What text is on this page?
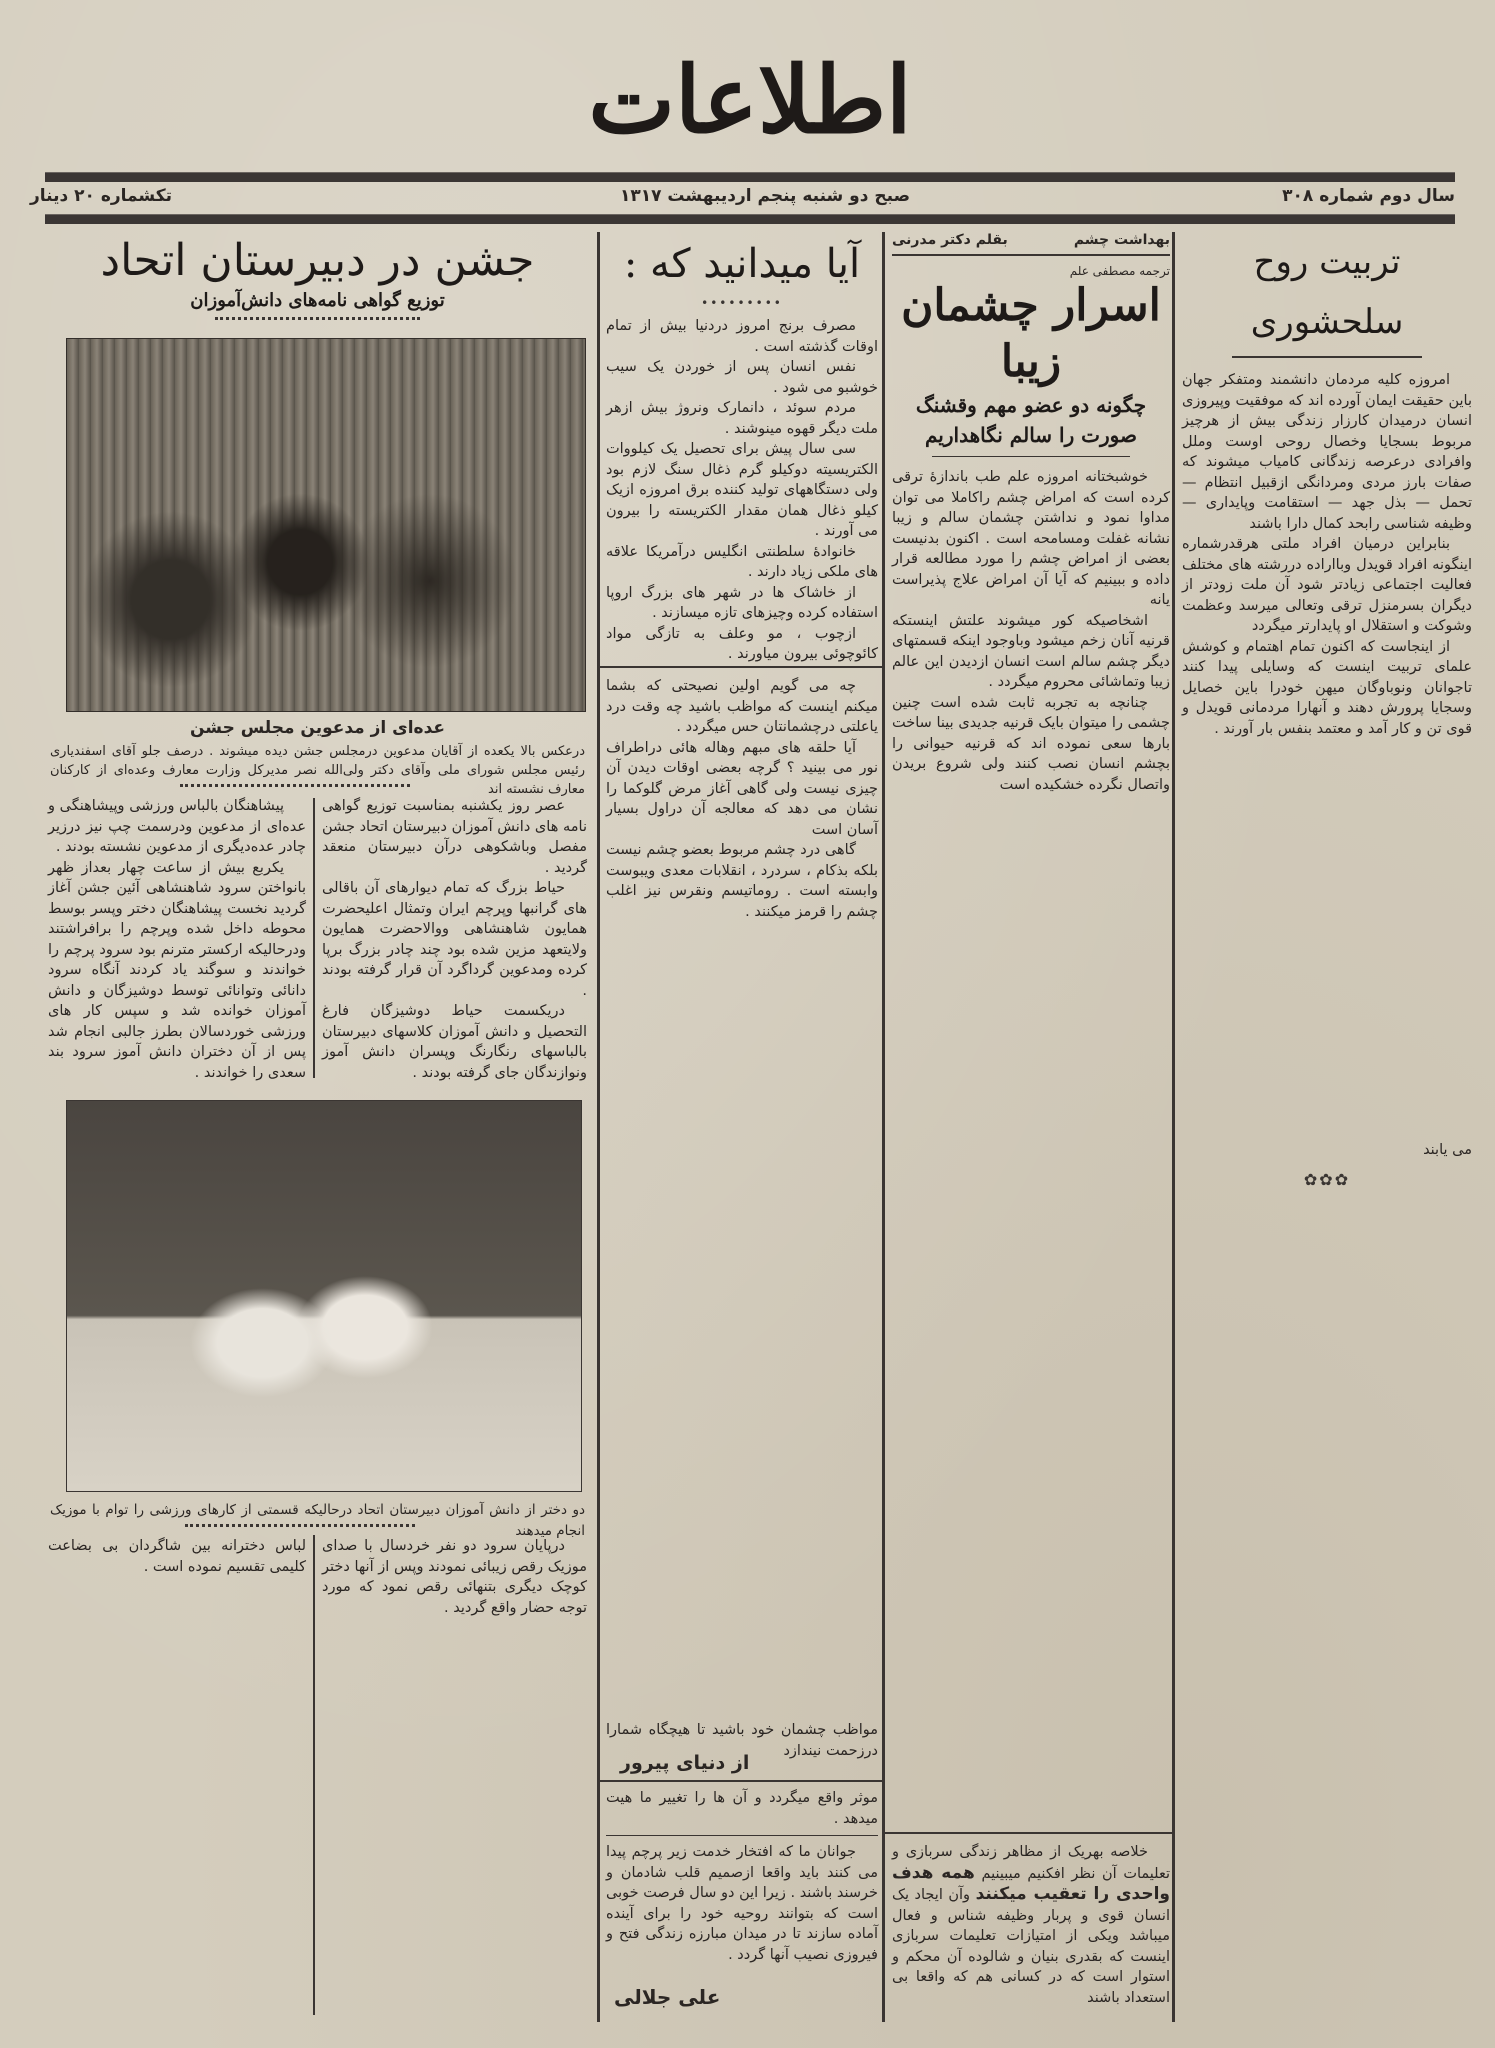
اطلاعات
سال دوم شماره ۳۰۸
صبح دو شنبه پنجم اردیبهشت ۱۳۱۷
تکشماره ۲۰ دینار
تربیت روح سلحشوری

امروزه کلیه مردمان دانشمند ومتفکر جهان باین حقیقت ایمان آورده اند که موفقیت وپیروزی انسان درمیدان کارزار زندگی بیش از هرچیز مربوط بسجایا وخصال روحی اوست وملل وافرادی درعرصه زندگانی کامیاب میشوند که صفات بارز مردی ومردانگی ازقبیل انتظام — تحمل — بذل جهد — استقامت وپایداری — وظیفه شناسی رابحد کمال دارا باشند

بنابراین درمیان افراد ملتی هرقدرشماره اینگونه افراد قویدل وبااراده دررشته های مختلف فعالیت اجتماعی زیادتر شود آن ملت زودتر از دیگران بسرمنزل ترقی وتعالی میرسد وعظمت وشوکت و استقلال او پایدارتر میگردد

از اینجاست که اکنون تمام اهتمام و کوشش علمای تربیت اینست که وسایلی پیدا کنند تاجوانان ونوباوگان میهن خودرا باین خصایل وسجایا پرورش دهند و آنهارا مردمانی قویدل و قوی تن و کار آمد و معتمد بنفس بار آورند .

می یابند
✿✿✿
بهداشت چشم
بقلم دکتر مدرنی
ترجمه مصطفی علم
اسرار چشمان زیبا
چگونه دو عضو مهم وقشنگ صورت را سالم نگاهداریم

خوشبختانه امروزه علم طب باندازهٔ ترقی کرده است که امراض چشم راکاملا می توان مداوا نمود و نداشتن چشمان سالم و زیبا نشانه غفلت ومسامحه است . اکنون بدنیست بعضی از امراض چشم را مورد مطالعه قرار داده و ببینیم که آیا آن امراض علاج پذیراست یانه

اشخاصیکه کور میشوند علتش اینستکه قرنیه آنان زخم میشود وباوجود اینکه قسمتهای دیگر چشم سالم است انسان ازدیدن این عالم زیبا وتماشائی محروم میگردد .

چنانچه به تجربه ثابت شده است چنین چشمی را میتوان بایک قرنیه جدیدی بینا ساخت بارها سعی نموده اند که قرنیه حیوانی را بچشم انسان نصب کنند ولی شروع بریدن واتصال نگرده خشکیده است

خلاصه بهریک از مظاهر زندگی سربازی و تعلیمات آن نظر افکنیم میبینیم همه هدف واحدی را تعقیب میکنند وآن ایجاد یک انسان قوی و پربار وظیفه شناس و فعال میباشد ویکی از امتیازات تعلیمات سربازی اینست که بقدری بنیان و شالوده آن محکم و استوار است که در کسانی هم که واقعا بی استعداد باشند

آیا میدانید که :
•••••••••

مصرف برنج امروز دردنیا بیش از تمام اوقات گذشته است .

نفس انسان پس از خوردن یک سیب خوشبو می شود .

مردم سوئد ، دانمارک ونروژ بیش ازهر ملت دیگر قهوه مینوشند .

سی سال پیش برای تحصیل یک کیلووات الکتریسیته دوکیلو گرم ذغال سنگ لازم بود ولی دستگاههای تولید کننده برق امروزه ازیک کیلو ذغال همان مقدار الکتریسته را بیرون می آورند .

خانوادهٔ سلطنتی انگلیس درآمریکا علاقه های ملکی زیاد دارند .

از خاشاک ها در شهر های بزرگ اروپا استفاده کرده وچیزهای تازه میسازند .

ازچوب ، مو وعلف به تازگی مواد کائوچوئی بیرون میاورند .

چه می گویم اولین نصیحتی که بشما میکنم اینست که مواظب باشید چه وقت درد یاعلتی درچشمانتان حس میگردد .

آیا حلقه های مبهم وهاله هائی دراطراف نور می بینید ؟ گرچه بعضی اوقات دیدن آن چیزی نیست ولی گاهی آغاز مرض گلوکما را نشان می دهد که معالجه آن دراول بسیار آسان است

گاهی درد چشم مربوط بعضو چشم نیست بلکه بذکام ، سردرد ، انقلابات معدی ویبوست وابسته است . روماتیسم ونقرس نیز اغلب چشم را قرمز میکنند .

مواظب چشمان خود باشید تا هیچگاه شمارا درزحمت نیندازد
از دنیای پیرور

موثر واقع میگردد و آن ها را تغییر ما هیت میدهد .

جوانان ما که افتخار خدمت زیر پرچم پیدا می کنند باید واقعا ازصمیم قلب شادمان و خرسند باشند . زیرا این دو سال فرصت خوبی است که بتوانند روحیه خود را برای آینده آماده سازند تا در میدان مبارزه زندگی فتح و فیروزی نصیب آنها گردد .

علی جلالی
جشن در دبیرستان اتحاد
توزیع گواهی نامه‌های دانش‌آموزان
عده‌ای از مدعوین مجلس جشن
درعکس بالا یکعده از آقایان مدعوین درمجلس جشن دیده میشوند . درصف جلو آقای اسفندیاری رئیس مجلس شورای ملی وآقای دکتر ولی‌الله نصر مدیرکل وزارت معارف وعده‌ای از کارکنان معارف نشسته اند

عصر روز یکشنبه بمناسبت توزیع گواهی نامه های دانش آموزان دبیرستان اتحاد جشن مفصل وباشکوهی درآن دبیرستان منعقد گردید .

حیاط بزرگ که تمام دیوارهای آن باقالی های گرانبها وپرچم ایران وتمثال اعلیحضرت همایون شاهنشاهی ووالاحضرت همایون ولایتعهد مزین شده بود چند چادر بزرگ برپا کرده ومدعوین گرداگرد آن قرار گرفته بودند .

دریکسمت حیاط دوشیزگان فارغ التحصیل و دانش آموزان کلاسهای دبیرستان بالباسهای رنگارنگ وپسران دانش آموز ونوازندگان جای گرفته بودند .

پیشاهنگان بالباس ورزشی وپیشاهنگی و عده‌ای از مدعوین ودرسمت چپ نیز درزیر چادر عده‌دیگری از مدعوین نشسته بودند .

یکربع بیش از ساعت چهار بعداز ظهر بانواختن سرود شاهنشاهی آئین جشن آغاز گردید نخست پیشاهنگان دختر وپسر بوسط محوطه داخل شده وپرچم را برافراشتند ودرحالیکه ارکستر مترنم بود سرود پرچم را خواندند و سوگند یاد کردند آنگاه سرود دانائی وتوانائی توسط دوشیزگان و دانش آموزان خوانده شد و سپس کار های ورزشی خوردسالان بطرز جالبی انجام شد پس از آن دختران دانش آموز سرود بند سعدی را خواندند .

دو دختر از دانش آموزان دبیرستان اتحاد درحالیکه قسمتی از کارهای ورزشی را توام با موزیک انجام میدهند

درپایان سرود دو نفر خردسال با صدای موزیک رقص زیبائی نمودند وپس از آنها دختر کوچک دیگری بتنهائی رقص نمود که مورد توجه حضار واقع گردید .

لباس دخترانه بین شاگردان بی بضاعت کلیمی تقسیم نموده است .
